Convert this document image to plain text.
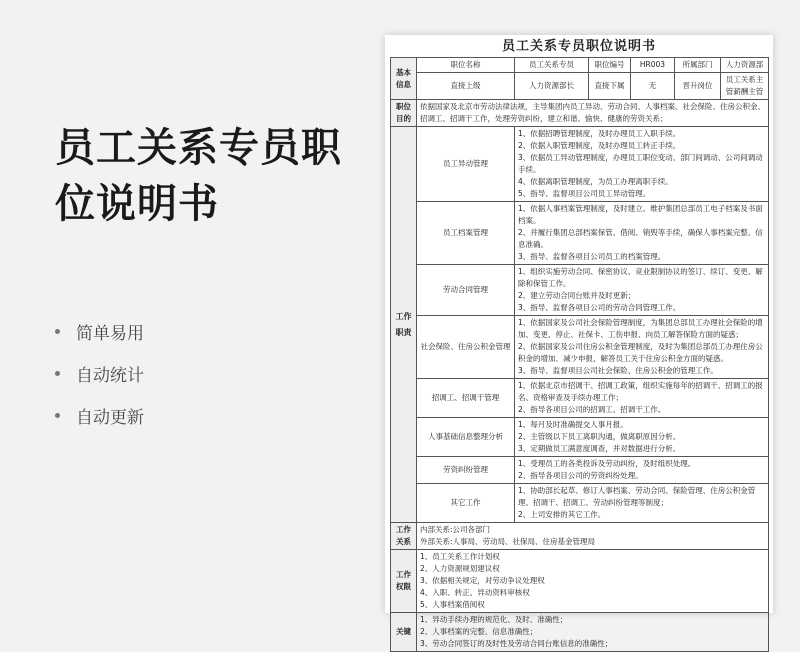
员工关系专员职位说明书
简单易用
自动统计
自动更新
员工关系专员职位说明书
基本信息	职位名称	员工关系专员	职位编号	HR003	所属部门	人力资源部
	直接上级	人力资源部长	直接下属	无	晋升岗位	员工关系主管薪酬主管
职位目的	依据国家及北京市劳动法律法规，主导集团内员工异动、劳动合同、人事档案、社会保险、住房公积金、招调工、招调干工作，处理劳资纠纷，建立和谐、愉快、健康的劳资关系；					
工作职责	员工异动管理	1、依据招聘管理制度，及时办理员工入职手续。
2、依据入职管理制度，及时办理员工转正手续。
3、依据员工异动管理制度，办理员工职位变动、部门间调动、公司间调动手续。
4、依据离职管理制度，为员工办理离职手续。
5、指导、监督项目公司员工异动管理。				

	员工档案管理	1、依据人事档案管理制度，及时建立、维护集团总部员工电子档案及书面档案。
2、并履行集团总部档案保管、借阅、销毁等手续，确保人事档案完整、信息准确。
3、指导、监督各项目公司员工的档案管理。				

	劳动合同管理	1、组织实施劳动合同、保密协议、竞业限制协议的签订、续订、变更、解除和保管工作。
2、建立劳动合同台账并及时更新；
3、指导、监督各项目公司的劳动合同管理工作。				

	社会保险、住房公积金管理	1、依据国家及公司社会保险管理制度，为集团总部员工办理社会保险的增加、变更、停止、社保卡、工伤申报、向员工解答保险方面的疑惑；
2、依据国家及公司住房公积金管理制度，及时为集团总部员工办理住房公积金的增加、减少申报，解答员工关于住房公积金方面的疑惑。
3、指导、监督项目公司社会保险、住房公积金的管理工作。				

	招调工、招调干管理	1、依据北京市招调干、招调工政策，组织实施每年的招调干、招调工的报名、资格审查及手续办理工作；
2、指导各项目公司的招调工、招调干工作。				

	人事基础信息整理分析	1、每月及时准确提交人事月报。
2、主管级以下员工离职沟通，做离职原因分析。
3、定期做员工满意度调查，并对数据进行分析。				

	劳资纠纷管理	1、受理员工的各类投诉及劳动纠纷，及时组织处理。
2、指导各项目公司的劳资纠纷处理。				

	其它工作	1、协助部长起草、修订人事档案、劳动合同、保险管理、住房公积金管理、招调干、招调工、劳动纠纷管理等制度；
2、上司安排的其它工作。				

工作关系	内部关系:公司各部门
外部关系:人事局、劳动局、社保局、住房基金管理局					

工作权限	1、员工关系工作计划权
2、人力资源规划建议权
3、依据相关规定，对劳动争议处理权
4、入职、转正、异动资料审核权
5、人事档案借阅权					

关键	1、异动手续办理的规范化、及时、准确性；
2、人事档案的完整、信息准确性；
3、劳动合同签订的及时性及劳动合同台账信息的准确性；					
